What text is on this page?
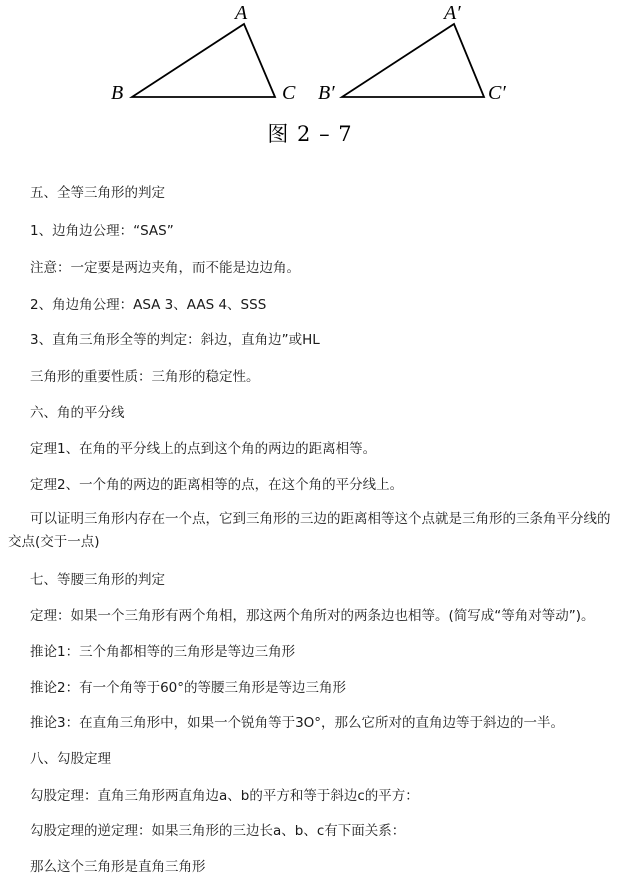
A
B	C
A′
B′	C′
图 2 – 7
五、全等三角形的判定
1、边角边公理：“SAS”
注意：一定要是两边夹角，而不能是边边角。
2、角边角公理：ASA 3、AAS 4、SSS
3、直角三角形全等的判定：斜边，直角边”或HL
三角形的重要性质：三角形的稳定性。
六、角的平分线
定理1、在角的平分线上的点到这个角的两边的距离相等。
定理2、一个角的两边的距离相等的点，在这个角的平分线上。
可以证明三角形内存在一个点，它到三角形的三边的距离相等这个点就是三角形的三条角平分线的交点(交于一点)
七、等腰三角形的判定
定理：如果一个三角形有两个角相，那这两个角所对的两条边也相等。(简写成“等角对等动”)。
推论1：三个角都相等的三角形是等边三角形
推论2：有一个角等于60°的等腰三角形是等边三角形
推论3：在直角三角形中，如果一个锐角等于3O°，那么它所对的直角边等于斜边的一半。
八、勾股定理
勾股定理：直角三角形两直角边a、b的平方和等于斜边c的平方：
勾股定理的逆定理：如果三角形的三边长a、b、c有下面关系：
那么这个三角形是直角三角形
